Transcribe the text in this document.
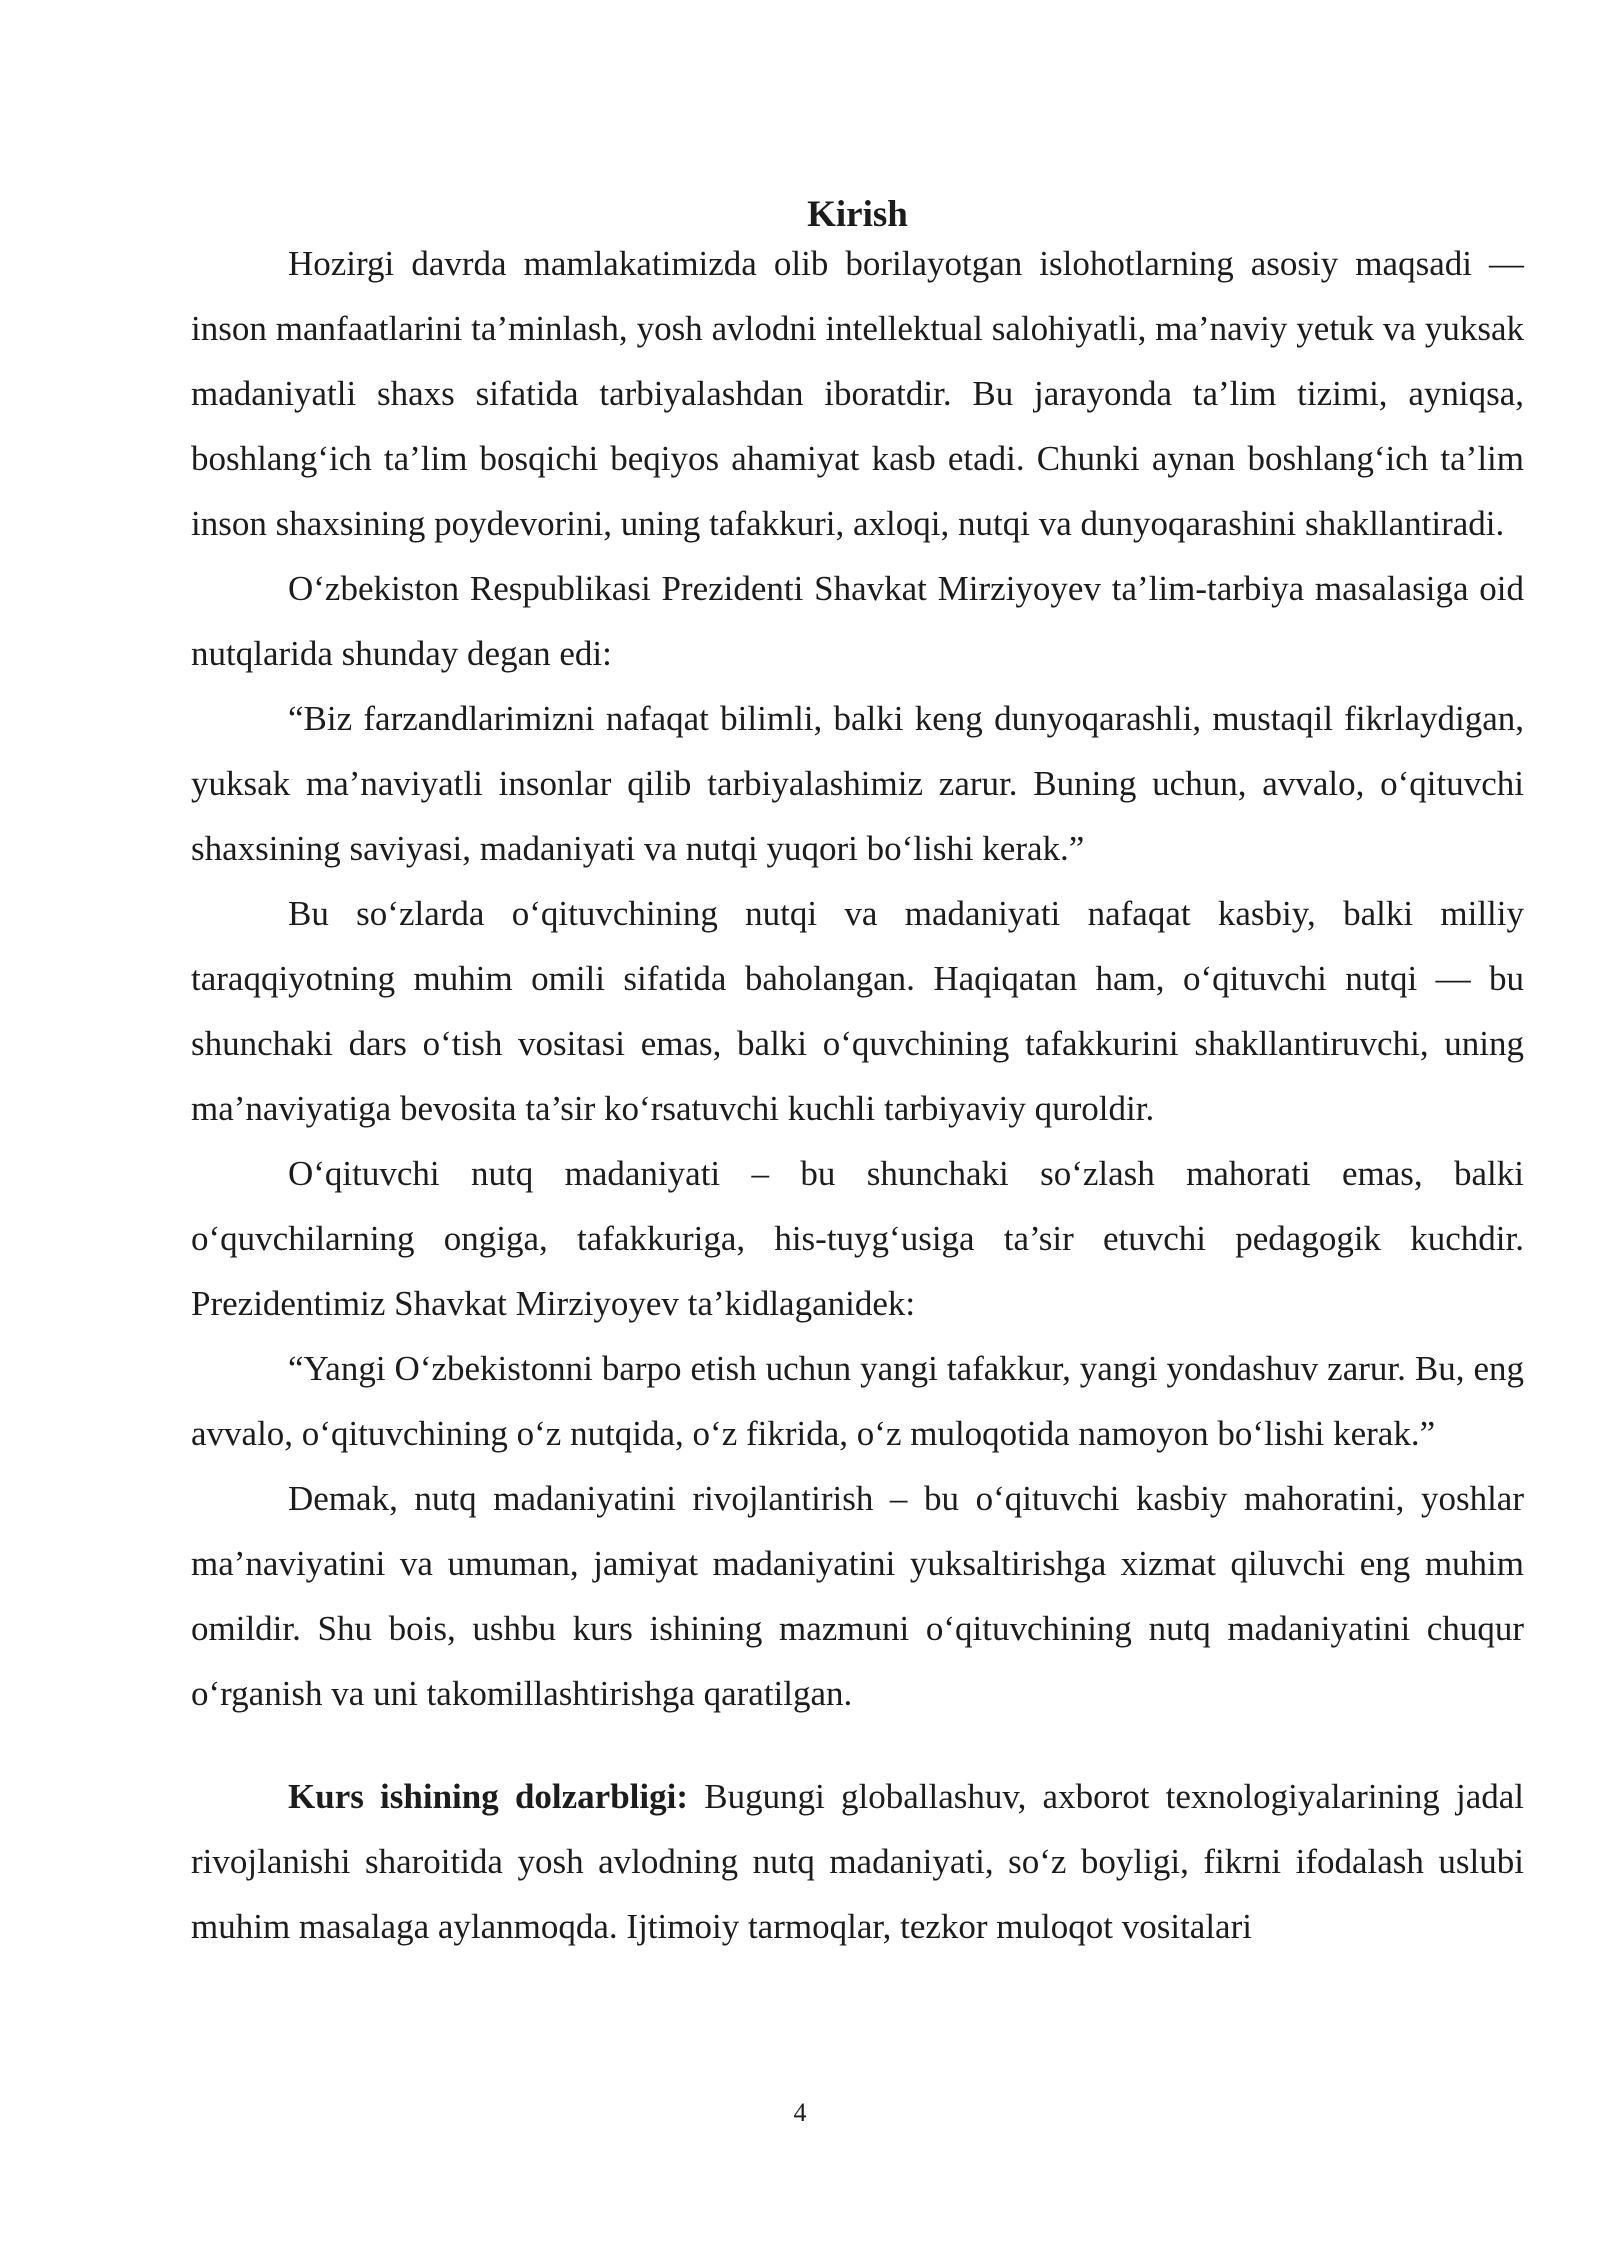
Kirish

Hozirgi davrda mamlakatimizda olib borilayotgan islohotlarning asosiy maqsadi — inson manfaatlarini ta’minlash, yosh avlodni intellektual salohiyatli, ma’naviy yetuk va yuksak madaniyatli shaxs sifatida tarbiyalashdan iboratdir. Bu jarayonda ta’lim tizimi, ayniqsa, boshlangʻich ta’lim bosqichi beqiyos ahamiyat kasb etadi. Chunki aynan boshlangʻich ta’lim inson shaxsining poydevorini, uning tafakkuri, axloqi, nutqi va dunyoqarashini shakllantiradi.

Oʻzbekiston Respublikasi Prezidenti Shavkat Mirziyoyev ta’lim-tarbiya masalasiga oid nutqlarida shunday degan edi:

“Biz farzandlarimizni nafaqat bilimli, balki keng dunyoqarashli, mustaqil fikrlaydigan, yuksak ma’naviyatli insonlar qilib tarbiyalashimiz zarur. Buning uchun, avvalo, oʻqituvchi shaxsining saviyasi, madaniyati va nutqi yuqori boʻlishi kerak.”

Bu soʻzlarda oʻqituvchining nutqi va madaniyati nafaqat kasbiy, balki milliy taraqqiyotning muhim omili sifatida baholangan. Haqiqatan ham, oʻqituvchi nutqi — bu shunchaki dars oʻtish vositasi emas, balki oʻquvchining tafakkurini shakllantiruvchi, uning ma’naviyatiga bevosita ta’sir koʻrsatuvchi kuchli tarbiyaviy quroldir.

Oʻqituvchi nutq madaniyati – bu shunchaki soʻzlash mahorati emas, balki oʻquvchilarning ongiga, tafakkuriga, his-tuygʻusiga ta’sir etuvchi pedagogik kuchdir. Prezidentimiz Shavkat Mirziyoyev ta’kidlaganidek:

“Yangi Oʻzbekistonni barpo etish uchun yangi tafakkur, yangi yondashuv zarur. Bu, eng avvalo, oʻqituvchining oʻz nutqida, oʻz fikrida, oʻz muloqotida namoyon boʻlishi kerak.”

Demak, nutq madaniyatini rivojlantirish – bu oʻqituvchi kasbiy mahoratini, yoshlar ma’naviyatini va umuman, jamiyat madaniyatini yuksaltirishga xizmat qiluvchi eng muhim omildir. Shu bois, ushbu kurs ishining mazmuni oʻqituvchining nutq madaniyatini chuqur oʻrganish va uni takomillashtirishga qaratilgan.

Kurs ishining dolzarbligi: Bugungi globallashuv, axborot texnologiyalarining jadal rivojlanishi sharoitida yosh avlodning nutq madaniyati, soʻz boyligi, fikrni ifodalash uslubi muhim masalaga aylanmoqda. Ijtimoiy tarmoqlar, tezkor muloqot vositalari

4
